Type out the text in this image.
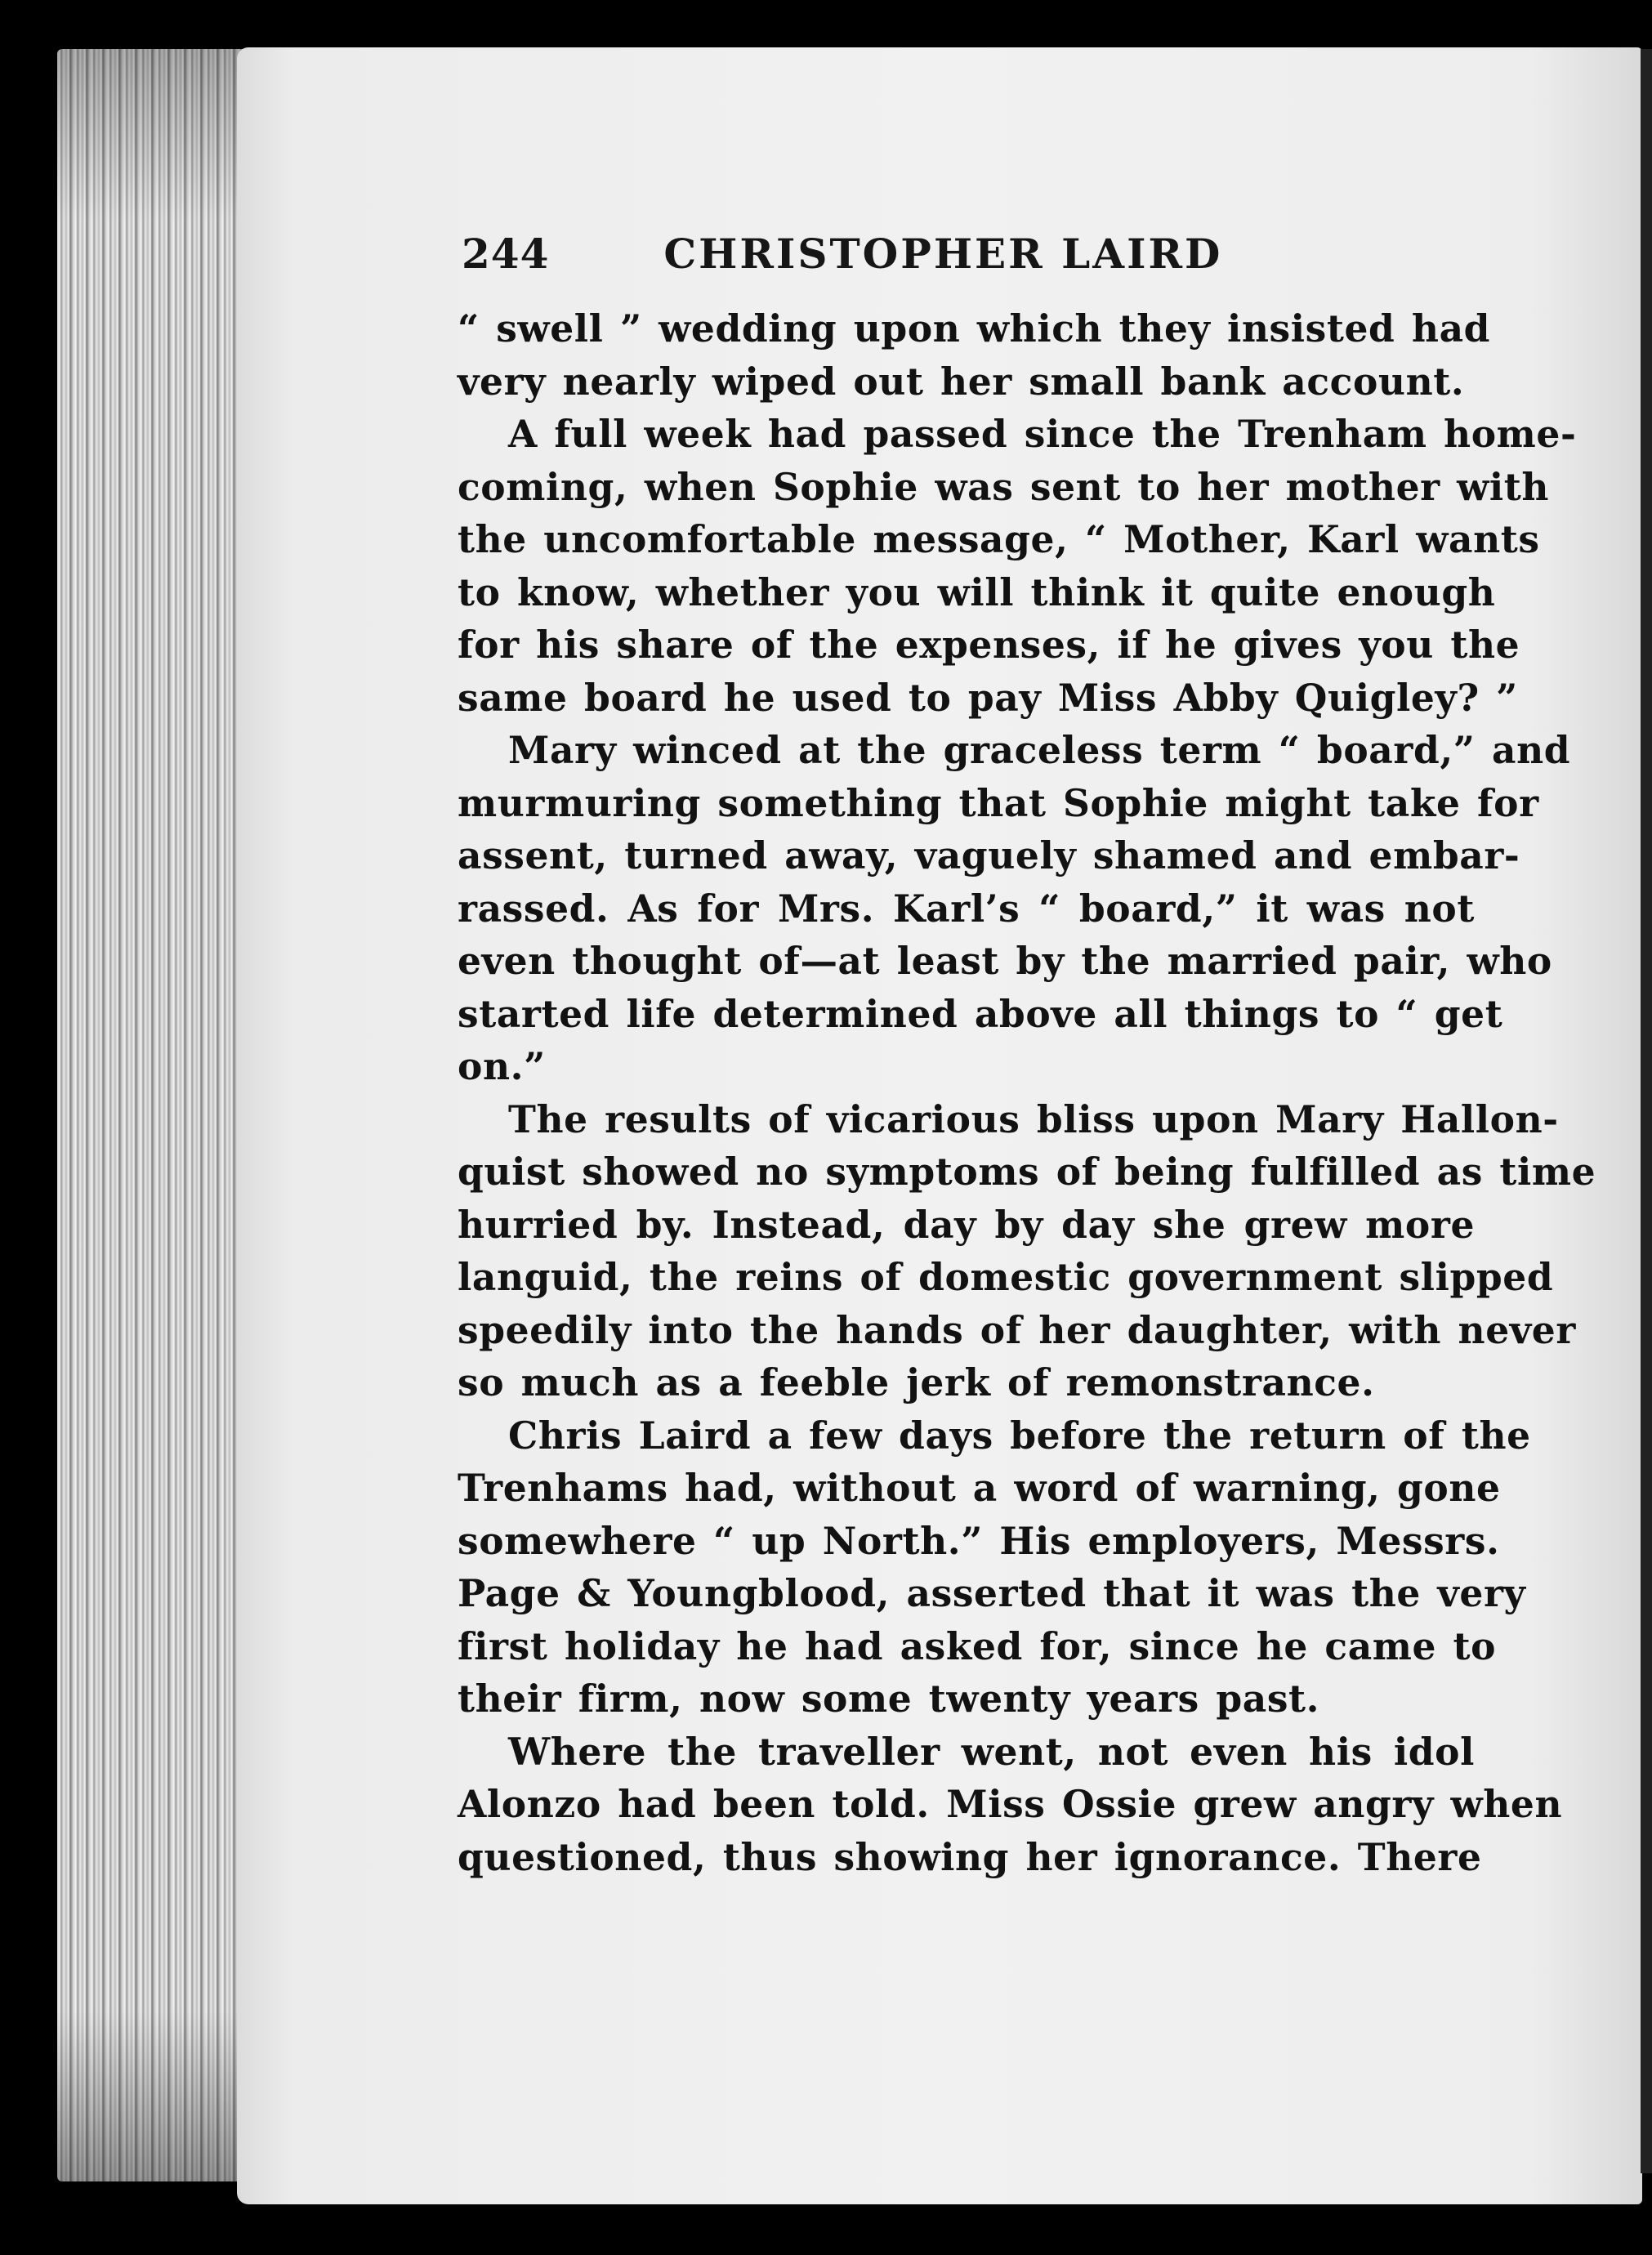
244	CHRISTOPHER LAIRD
“ swell ” wedding upon which they insisted had
very nearly wiped out her small bank account.
A full week had passed since the Trenham home-
coming, when Sophie was sent to her mother with
the uncomfortable message, “ Mother, Karl wants
to know, whether you will think it quite enough
for his share of the expenses, if he gives you the
same board he used to pay Miss Abby Quigley? ”
Mary winced at the graceless term “ board,” and
murmuring something that Sophie might take for
assent, turned away, vaguely shamed and embar-
rassed. As for Mrs. Karl’s “ board,” it was not
even thought of—at least by the married pair, who
started life determined above all things to “ get
on.”
The results of vicarious bliss upon Mary Hallon-
quist showed no symptoms of being fulfilled as time
hurried by. Instead, day by day she grew more
languid, the reins of domestic government slipped
speedily into the hands of her daughter, with never
so much as a feeble jerk of remonstrance.
Chris Laird a few days before the return of the
Trenhams had, without a word of warning, gone
somewhere “ up North.” His employers, Messrs.
Page & Youngblood, asserted that it was the very
first holiday he had asked for, since he came to
their firm, now some twenty years past.
Where the traveller went, not even his idol
Alonzo had been told. Miss Ossie grew angry when
questioned, thus showing her ignorance. There
